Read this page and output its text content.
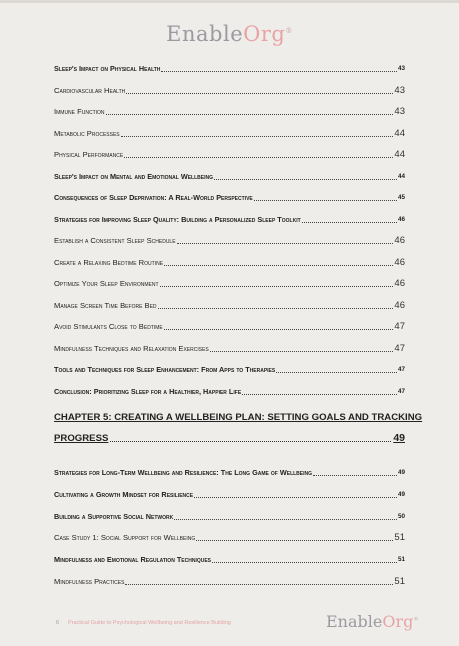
EnableOrg®
CHAPTER 5: CREATING A WELLBEING PLAN: SETTING GOALS AND TRACKING
PROGRESS	49
Sleep's Impact on Physical Health	43
Cardiovascular Health	43
Immune Function	43
Metabolic Processes	44
Physical Performance	44
Sleep's Impact on Mental and Emotional Wellbeing	44
Consequences of Sleep Deprivation: A Real-World Perspective	45
Strategies for Improving Sleep Quality: Building a Personalized Sleep Toolkit	46
Establish a Consistent Sleep Schedule	46
Create a Relaxing Bedtime Routine	46
Optimize Your Sleep Environment	46
Manage Screen Time Before Bed	46
Avoid Stimulants Close to Bedtime	47
Mindfulness Techniques and Relaxation Exercises	47
Tools and Techniques for Sleep Enhancement: From Apps to Therapies	47
Conclusion: Prioritizing Sleep for a Healthier, Happier Life	47
Strategies for Long-Term Wellbeing and Resilience: The Long Game of Wellbeing	49
Cultivating a Growth Mindset for Resilience	49
Building a Supportive Social Network	50
Case Study 1: Social Support for Wellbeing	51
Mindfulness and Emotional Regulation Techniques	51
Mindfulness Practices	51
6 Practical Guide to Psychological Wellbeing and Resilience Building	EnableOrg®
